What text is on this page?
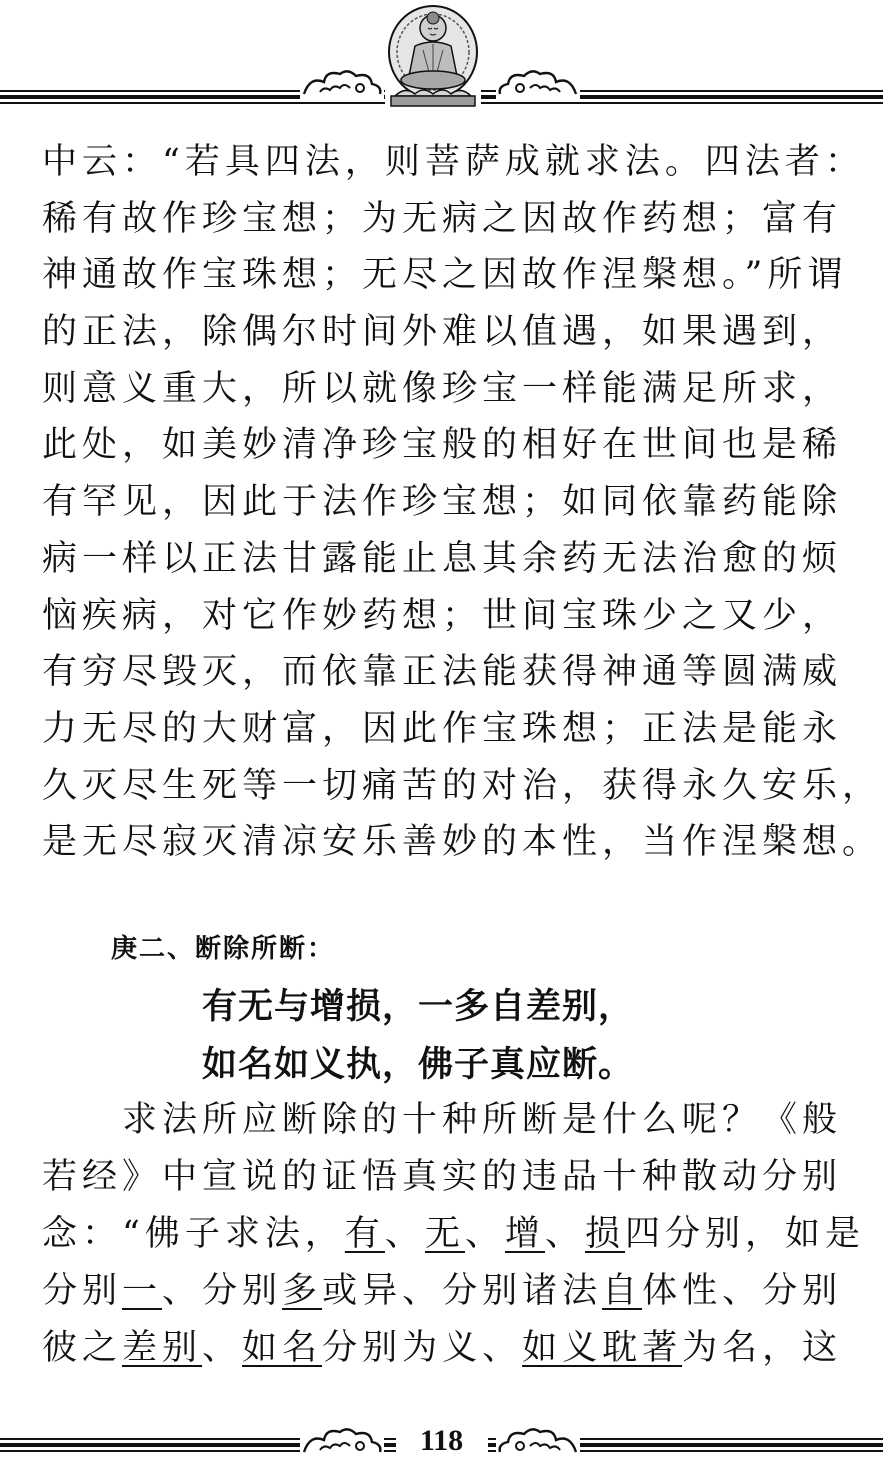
中云：“若具四法，则菩萨成就求法。四法者：
稀有故作珍宝想；为无病之因故作药想；富有
神通故作宝珠想；无尽之因故作涅槃想。”所谓
的正法，除偶尔时间外难以值遇，如果遇到，
则意义重大，所以就像珍宝一样能满足所求，
此处，如美妙清净珍宝般的相好在世间也是稀
有罕见，因此于法作珍宝想；如同依靠药能除
病一样以正法甘露能止息其余药无法治愈的烦
恼疾病，对它作妙药想；世间宝珠少之又少，
有穷尽毁灭，而依靠正法能获得神通等圆满威
力无尽的大财富，因此作宝珠想；正法是能永
久灭尽生死等一切痛苦的对治，获得永久安乐，
是无尽寂灭清凉安乐善妙的本性，当作涅槃想。
庚二、断除所断：
有无与增损，一多自差别，
如名如义执，佛子真应断。
　　求法所应断除的十种所断是什么呢？《般
若经》中宣说的证悟真实的违品十种散动分别
念：“佛子求法，有、无、增、损四分别，如是
分别一、分别多或异、分别诸法自体性、分别
彼之差别、如名分别为义、如义耽著为名，这
118
